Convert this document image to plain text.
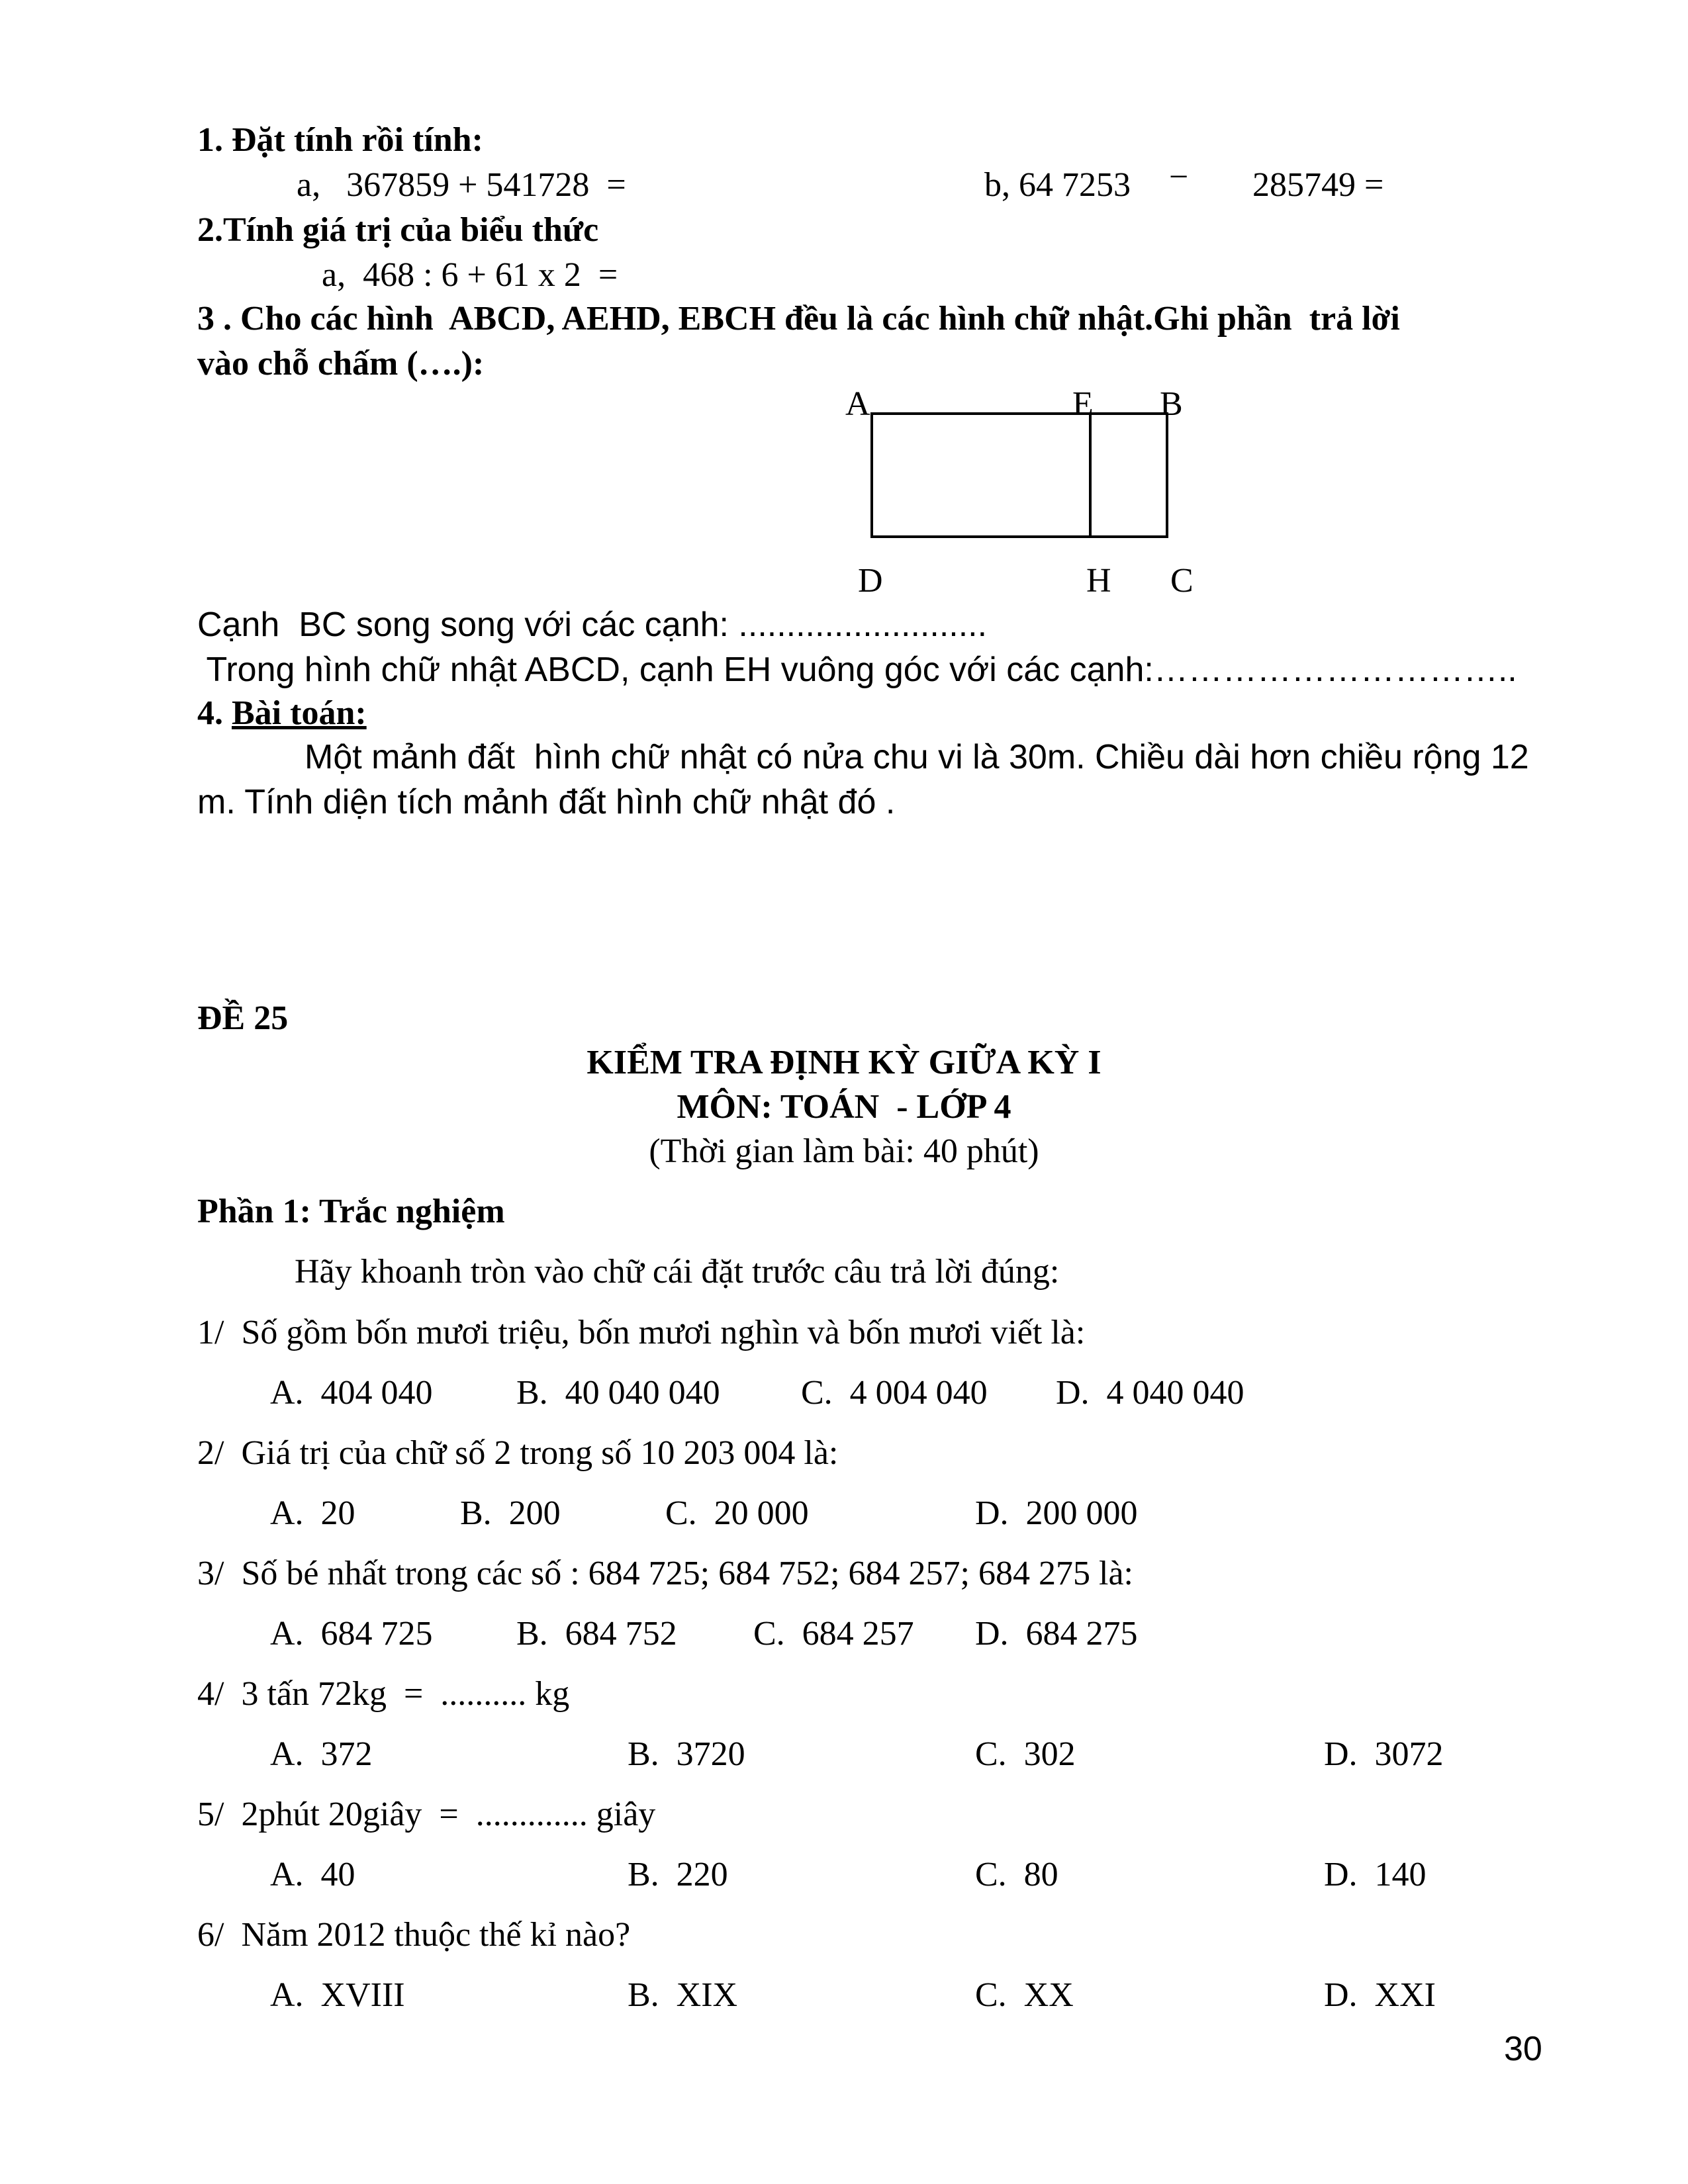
1. Đặt tính rồi tính:
a,   367859 + 541728  =	b, 64 7253 − 285749 =
2.Tính giá trị của biểu thức
a,  468 : 6 + 61 x 2  =
3 . Cho các hình  ABCD, AEHD, EBCH đều là các hình chữ nhật.Ghi phần  trả lời
vào chỗ chấm (….):
A	E B
D	H C
Cạnh  BC song song với các cạnh: ..........................
Trong hình chữ nhật ABCD, cạnh EH vuông góc với các cạnh:…………………………..
4. Bài toán:
Một mảnh đất  hình chữ nhật có nửa chu vi là 30m. Chiều dài hơn chiều rộng 12
m. Tính diện tích mảnh đất hình chữ nhật đó .
ĐỀ 25
KIỂM TRA ĐỊNH KỲ GIỮA KỲ I
MÔN: TOÁN  - LỚP 4
(Thời gian làm bài: 40 phút)
Phần 1: Trắc nghiệm
Hãy khoanh tròn vào chữ cái đặt trước câu trả lời đúng:
1/  Số gồm bốn mươi triệu, bốn mươi nghìn và bốn mươi viết là:
A.  404 040 B.  40 040 040 C.  4 004 040 D.  4 040 040
2/  Giá trị của chữ số 2 trong số 10 203 004 là:
A.  20	B.  200	C.  20 000	D.  200 000
3/  Số bé nhất trong các số : 684 725; 684 752; 684 257; 684 275 là:
A.  684 725 B.  684 752 C.  684 257 D.  684 275
4/  3 tấn 72kg  =  .......... kg
A.  372	B.  3720	C.  302	D.  3072
5/  2phút 20giây  =  ............. giây
A.  40	B.  220	C.  80	D.  140
6/  Năm 2012 thuộc thế kỉ nào?
A.  XVIII	B.  XIX	C.  XX	D.  XXI
30
